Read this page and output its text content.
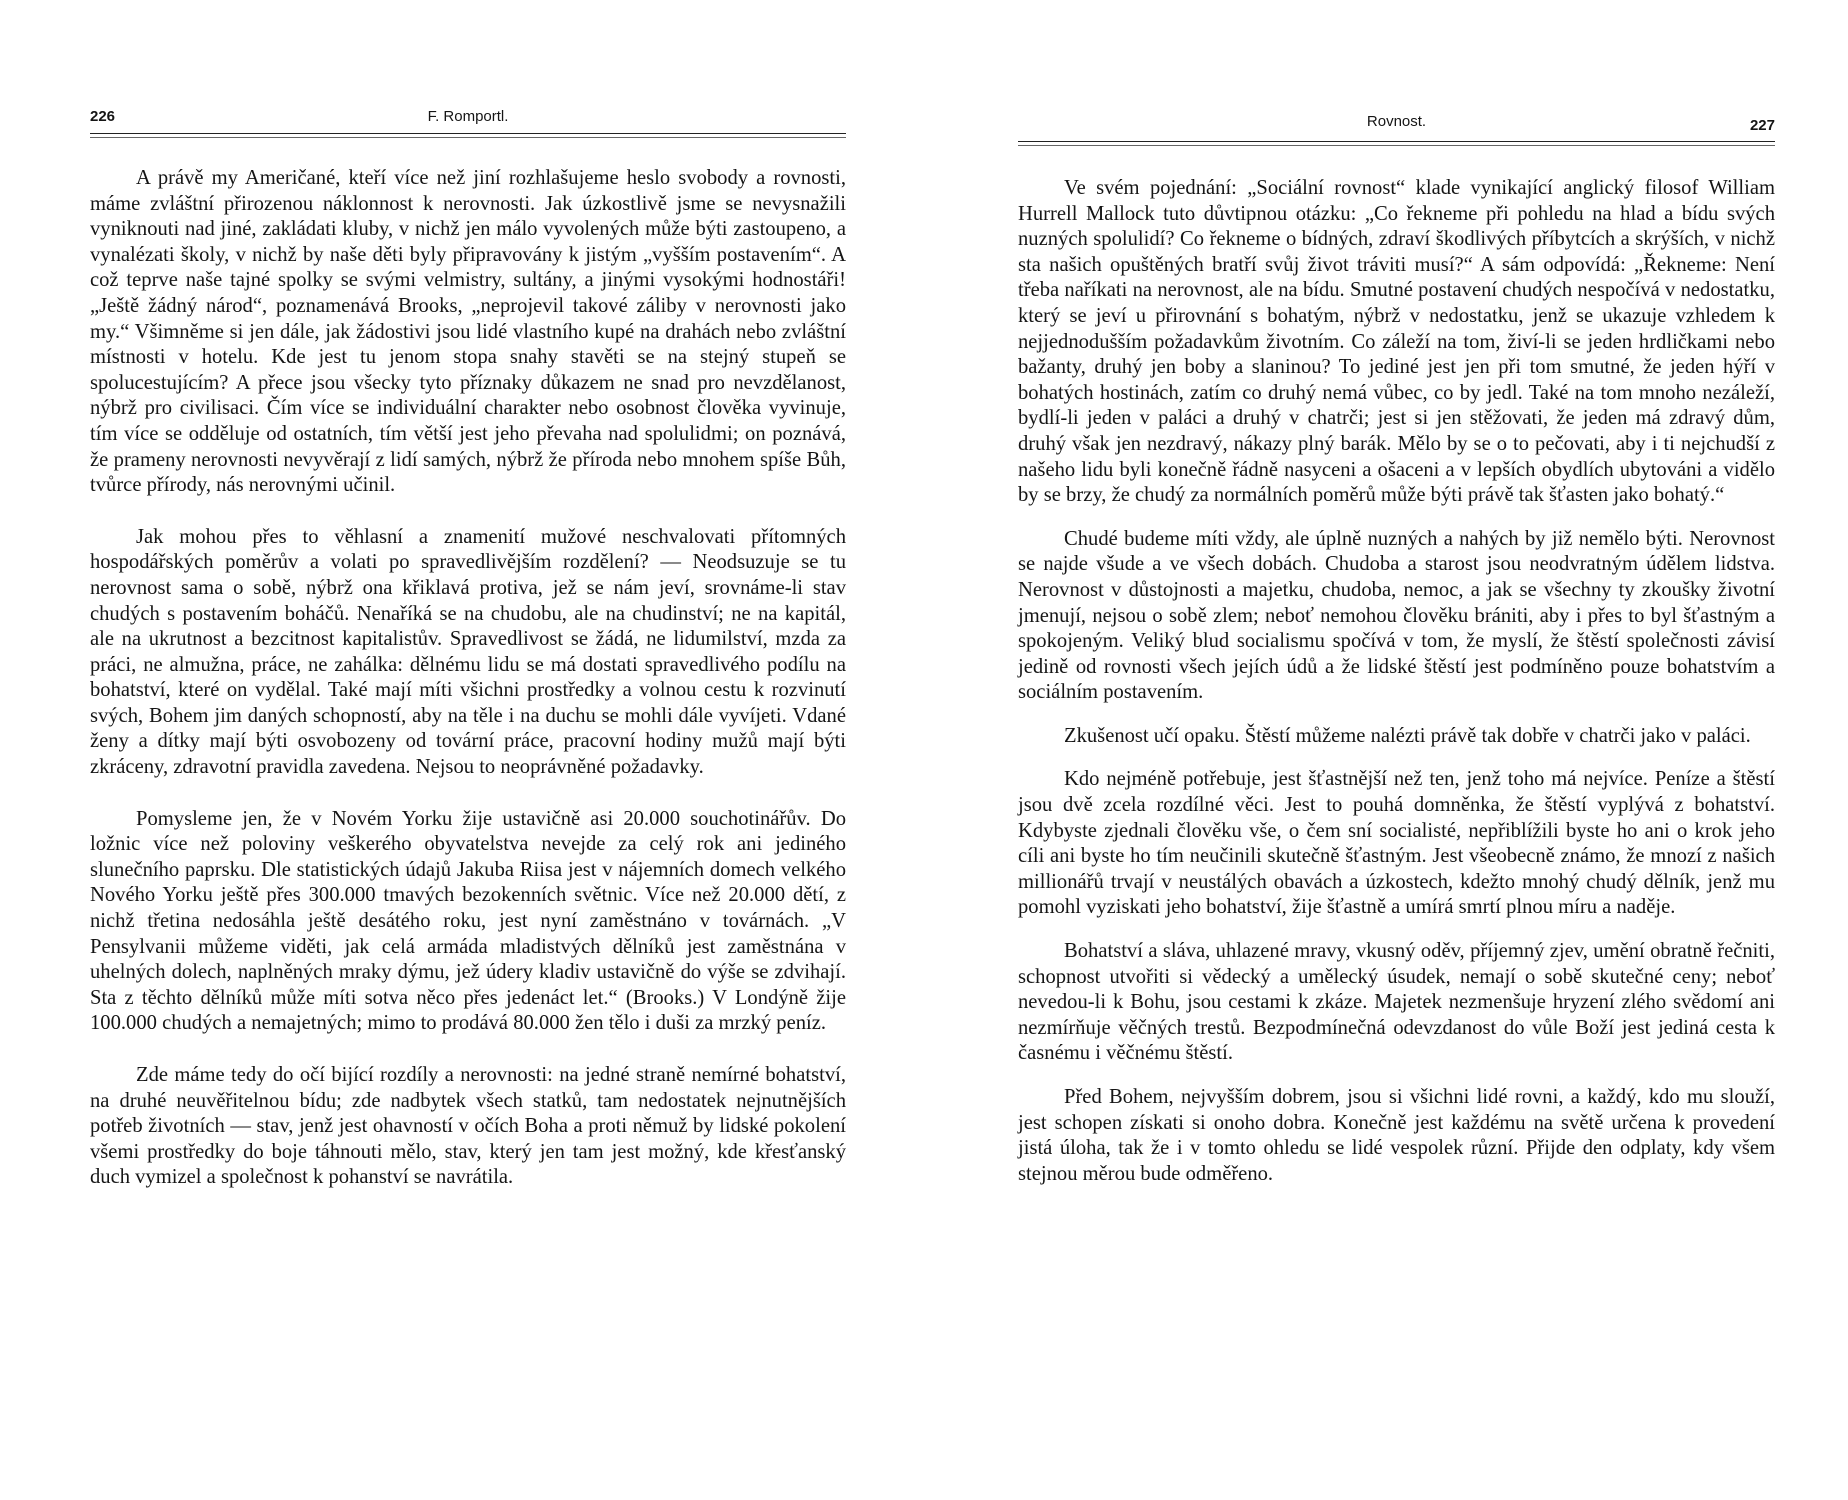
226	F. Romportl.

A právě my Američané, kteří více než jiní rozhlašujeme heslo svobody a rovnosti, máme zvláštní přirozenou náklonnost k nerovnosti. Jak úzkostlivě jsme se nevysnažili vyniknouti nad jiné, zakládati kluby, v nichž jen málo vyvolených může býti zastoupeno, a vynalézati školy, v nichž by naše děti byly připravovány k jistým „vyšším postavením“. A což teprve naše tajné spolky se svými velmistry, sultány, a jinými vysokými hodnostáři! „Ještě žádný národ“, poznamenává Brooks, „neprojevil takové záliby v nerovnosti jako my.“ Všimněme si jen dále, jak žádostivi jsou lidé vlastního kupé na drahách nebo zvláštní místnosti v hotelu. Kde jest tu jenom stopa snahy stavěti se na stejný stupeň se spolucestujícím? A přece jsou všecky tyto příznaky důkazem ne snad pro nevzdělanost, nýbrž pro civilisaci. Čím více se individuální charakter nebo osobnost člověka vyvinuje, tím více se odděluje od ostatních, tím větší jest jeho převaha nad spolulidmi; on poznává, že prameny nerovnosti nevyvěrají z lidí samých, nýbrž že příroda nebo mnohem spíše Bůh, tvůrce přírody, nás nerovnými učinil.

Jak mohou přes to věhlasní a znamenití mužové neschvalovati přítomných hospodářských poměrův a volati po spravedlivějším rozdělení? — Neodsuzuje se tu nerovnost sama o sobě, nýbrž ona křiklavá protiva, jež se nám jeví, srovnáme-li stav chudých s postavením boháčů. Nenaříká se na chudobu, ale na chudinství; ne na kapitál, ale na ukrutnost a bezcitnost kapitalistův. Spravedlivost se žádá, ne lidumilství, mzda za práci, ne almužna, práce, ne zahálka: dělnému lidu se má dostati spravedlivého podílu na bohatství, které on vydělal. Také mají míti všichni prostředky a volnou cestu k rozvinutí svých, Bohem jim daných schopností, aby na těle i na duchu se mohli dále vyvíjeti. Vdané ženy a dítky mají býti osvobozeny od tovární práce, pracovní hodiny mužů mají býti zkráceny, zdravotní pravidla zavedena. Nejsou to neoprávněné požadavky.

Pomysleme jen, že v Novém Yorku žije ustavičně asi 20.000 souchotinářův. Do ložnic více než poloviny veškerého obyvatelstva nevejde za celý rok ani jediného slunečního paprsku. Dle statistických údajů Jakuba Riisa jest v nájemních domech velkého Nového Yorku ještě přes 300.000 tmavých bezokenních světnic. Více než 20.000 dětí, z nichž třetina nedosáhla ještě desátého roku, jest nyní zaměstnáno v továrnách. „V Pensylvanii můžeme viděti, jak celá armáda mladistvých dělníků jest zaměstnána v uhelných dolech, naplněných mraky dýmu, jež údery kladiv ustavičně do výše se zdvihají. Sta z těchto dělníků může míti sotva něco přes jedenáct let.“ (Brooks.) V Londýně žije 100.000 chudých a nemajetných; mimo to prodává 80.000 žen tělo i duši za mrzký peníz.

Zde máme tedy do očí bijící rozdíly a nerovnosti: na jedné straně nemírné bohatství, na druhé neuvěřitelnou bídu; zde nadbytek všech statků, tam nedostatek nejnutnějších potřeb životních — stav, jenž jest ohavností v očích Boha a proti němuž by lidské pokolení všemi prostředky do boje táhnouti mělo, stav, který jen tam jest možný, kde křesťanský duch vymizel a společnost k pohanství se navrátila.

Rovnost.	227

Ve svém pojednání: „Sociální rovnost“ klade vynikající anglický filosof William Hurrell Mallock tuto důvtipnou otázku: „Co řekneme při pohledu na hlad a bídu svých nuzných spolulidí? Co řekneme o bídných, zdraví škodlivých příbytcích a skrýších, v nichž sta našich opuštěných bratří svůj život tráviti musí?“ A sám odpovídá: „Řekneme: Není třeba naříkati na nerovnost, ale na bídu. Smutné postavení chudých nespočívá v nedostatku, který se jeví u přirovnání s bohatým, nýbrž v nedostatku, jenž se ukazuje vzhledem k nejjednodušším požadavkům životním. Co záleží na tom, živí-li se jeden hrdličkami nebo bažanty, druhý jen boby a slaninou? To jediné jest jen při tom smutné, že jeden hýří v bohatých hostinách, zatím co druhý nemá vůbec, co by jedl. Také na tom mnoho nezáleží, bydlí-li jeden v paláci a druhý v chatrči; jest si jen stěžovati, že jeden má zdravý dům, druhý však jen nezdravý, nákazy plný barák. Mělo by se o to pečovati, aby i ti nejchudší z našeho lidu byli konečně řádně nasyceni a ošaceni a v lepších obydlích ubytováni a vidělo by se brzy, že chudý za normálních poměrů může býti právě tak šťasten jako bohatý.“

Chudé budeme míti vždy, ale úplně nuzných a nahých by již nemělo býti. Nerovnost se najde všude a ve všech dobách. Chudoba a starost jsou neodvratným údělem lidstva. Nerovnost v důstojnosti a majetku, chudoba, nemoc, a jak se všechny ty zkoušky životní jmenují, nejsou o sobě zlem; neboť nemohou člověku brániti, aby i přes to byl šťastným a spokojeným. Veliký blud socialismu spočívá v tom, že myslí, že štěstí společnosti závisí jedině od rovnosti všech jejích údů a že lidské štěstí jest podmíněno pouze bohatstvím a sociálním postavením.

Zkušenost učí opaku. Štěstí můžeme nalézti právě tak dobře v chatrči jako v paláci.

Kdo nejméně potřebuje, jest šťastnější než ten, jenž toho má nejvíce. Peníze a štěstí jsou dvě zcela rozdílné věci. Jest to pouhá domněnka, že štěstí vyplývá z bohatství. Kdybyste zjednali člověku vše, o čem sní socialisté, nepřiblížili byste ho ani o krok jeho cíli ani byste ho tím neučinili skutečně šťastným. Jest všeobecně známo, že mnozí z našich millionářů trvají v neustálých obavách a úzkostech, kdežto mnohý chudý dělník, jenž mu pomohl vyziskati jeho bohatství, žije šťastně a umírá smrtí plnou míru a naděje.

Bohatství a sláva, uhlazené mravy, vkusný oděv, příjemný zjev, umění obratně řečniti, schopnost utvořiti si vědecký a umělecký úsudek, nemají o sobě skutečné ceny; neboť nevedou-li k Bohu, jsou cestami k zkáze. Majetek nezmenšuje hryzení zlého svědomí ani nezmírňuje věčných trestů. Bezpodmínečná odevzdanost do vůle Boží jest jediná cesta k časnému i věčnému štěstí.

Před Bohem, nejvyšším dobrem, jsou si všichni lidé rovni, a každý, kdo mu slouží, jest schopen získati si onoho dobra. Konečně jest každému na světě určena k provedení jistá úloha, tak že i v tomto ohledu se lidé vespolek různí. Přijde den odplaty, kdy všem stejnou měrou bude odměřeno.
